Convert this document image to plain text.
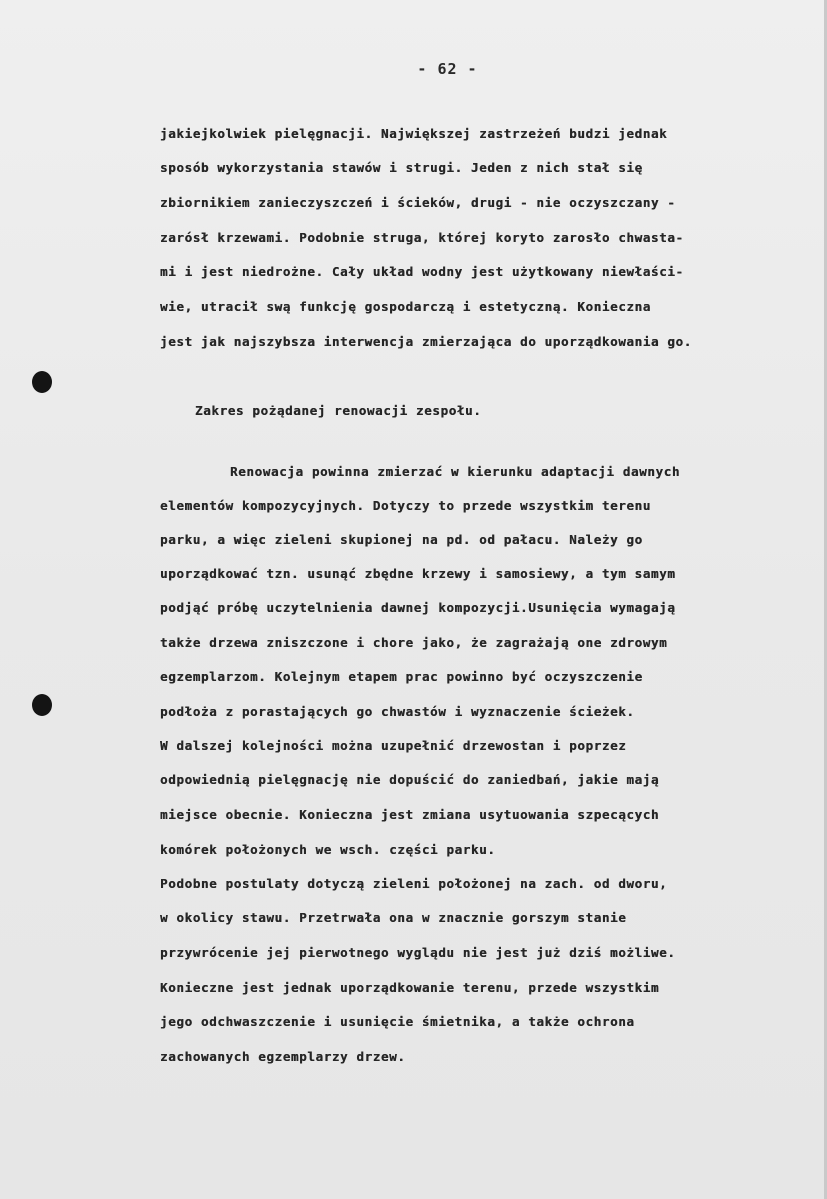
- 62 -
jakiejkolwiek pielęgnacji. Największej zastrzeżeń budzi jednak
sposób wykorzystania stawów i strugi. Jeden z nich stał się
zbiornikiem zanieczyszczeń i ścieków, drugi - nie oczyszczany -
zarósł krzewami. Podobnie struga, której koryto zarosło chwasta-
mi i jest niedrożne. Cały układ wodny jest użytkowany niewłaści-
wie, utracił swą funkcję gospodarczą i estetyczną. Konieczna
jest jak najszybsza interwencja zmierzająca do uporządkowania go.
Zakres pożądanej renowacji zespołu.
Renowacja powinna zmierzać w kierunku adaptacji dawnych
elementów kompozycyjnych. Dotyczy to przede wszystkim terenu
parku, a więc zieleni skupionej na pd. od pałacu. Należy go
uporządkować tzn. usunąć zbędne krzewy i samosiewy, a tym samym
podjąć próbę uczytelnienia dawnej kompozycji.Usunięcia wymagają
także drzewa zniszczone i chore jako, że zagrażają one zdrowym
egzemplarzom. Kolejnym etapem prac powinno być oczyszczenie
podłoża z porastających go chwastów i wyznaczenie ścieżek.
W dalszej kolejności można uzupełnić drzewostan i poprzez
odpowiednią pielęgnację nie dopuścić do zaniedbań, jakie mają
miejsce obecnie. Konieczna jest zmiana usytuowania szpecących
komórek położonych we wsch. części parku.
Podobne postulaty dotyczą zieleni położonej na zach. od dworu,
w okolicy stawu. Przetrwała ona w znacznie gorszym stanie
przywrócenie jej pierwotnego wyglądu nie jest już dziś możliwe.
Konieczne jest jednak uporządkowanie terenu, przede wszystkim
jego odchwaszczenie i usunięcie śmietnika, a także ochrona
zachowanych egzemplarzy drzew.
